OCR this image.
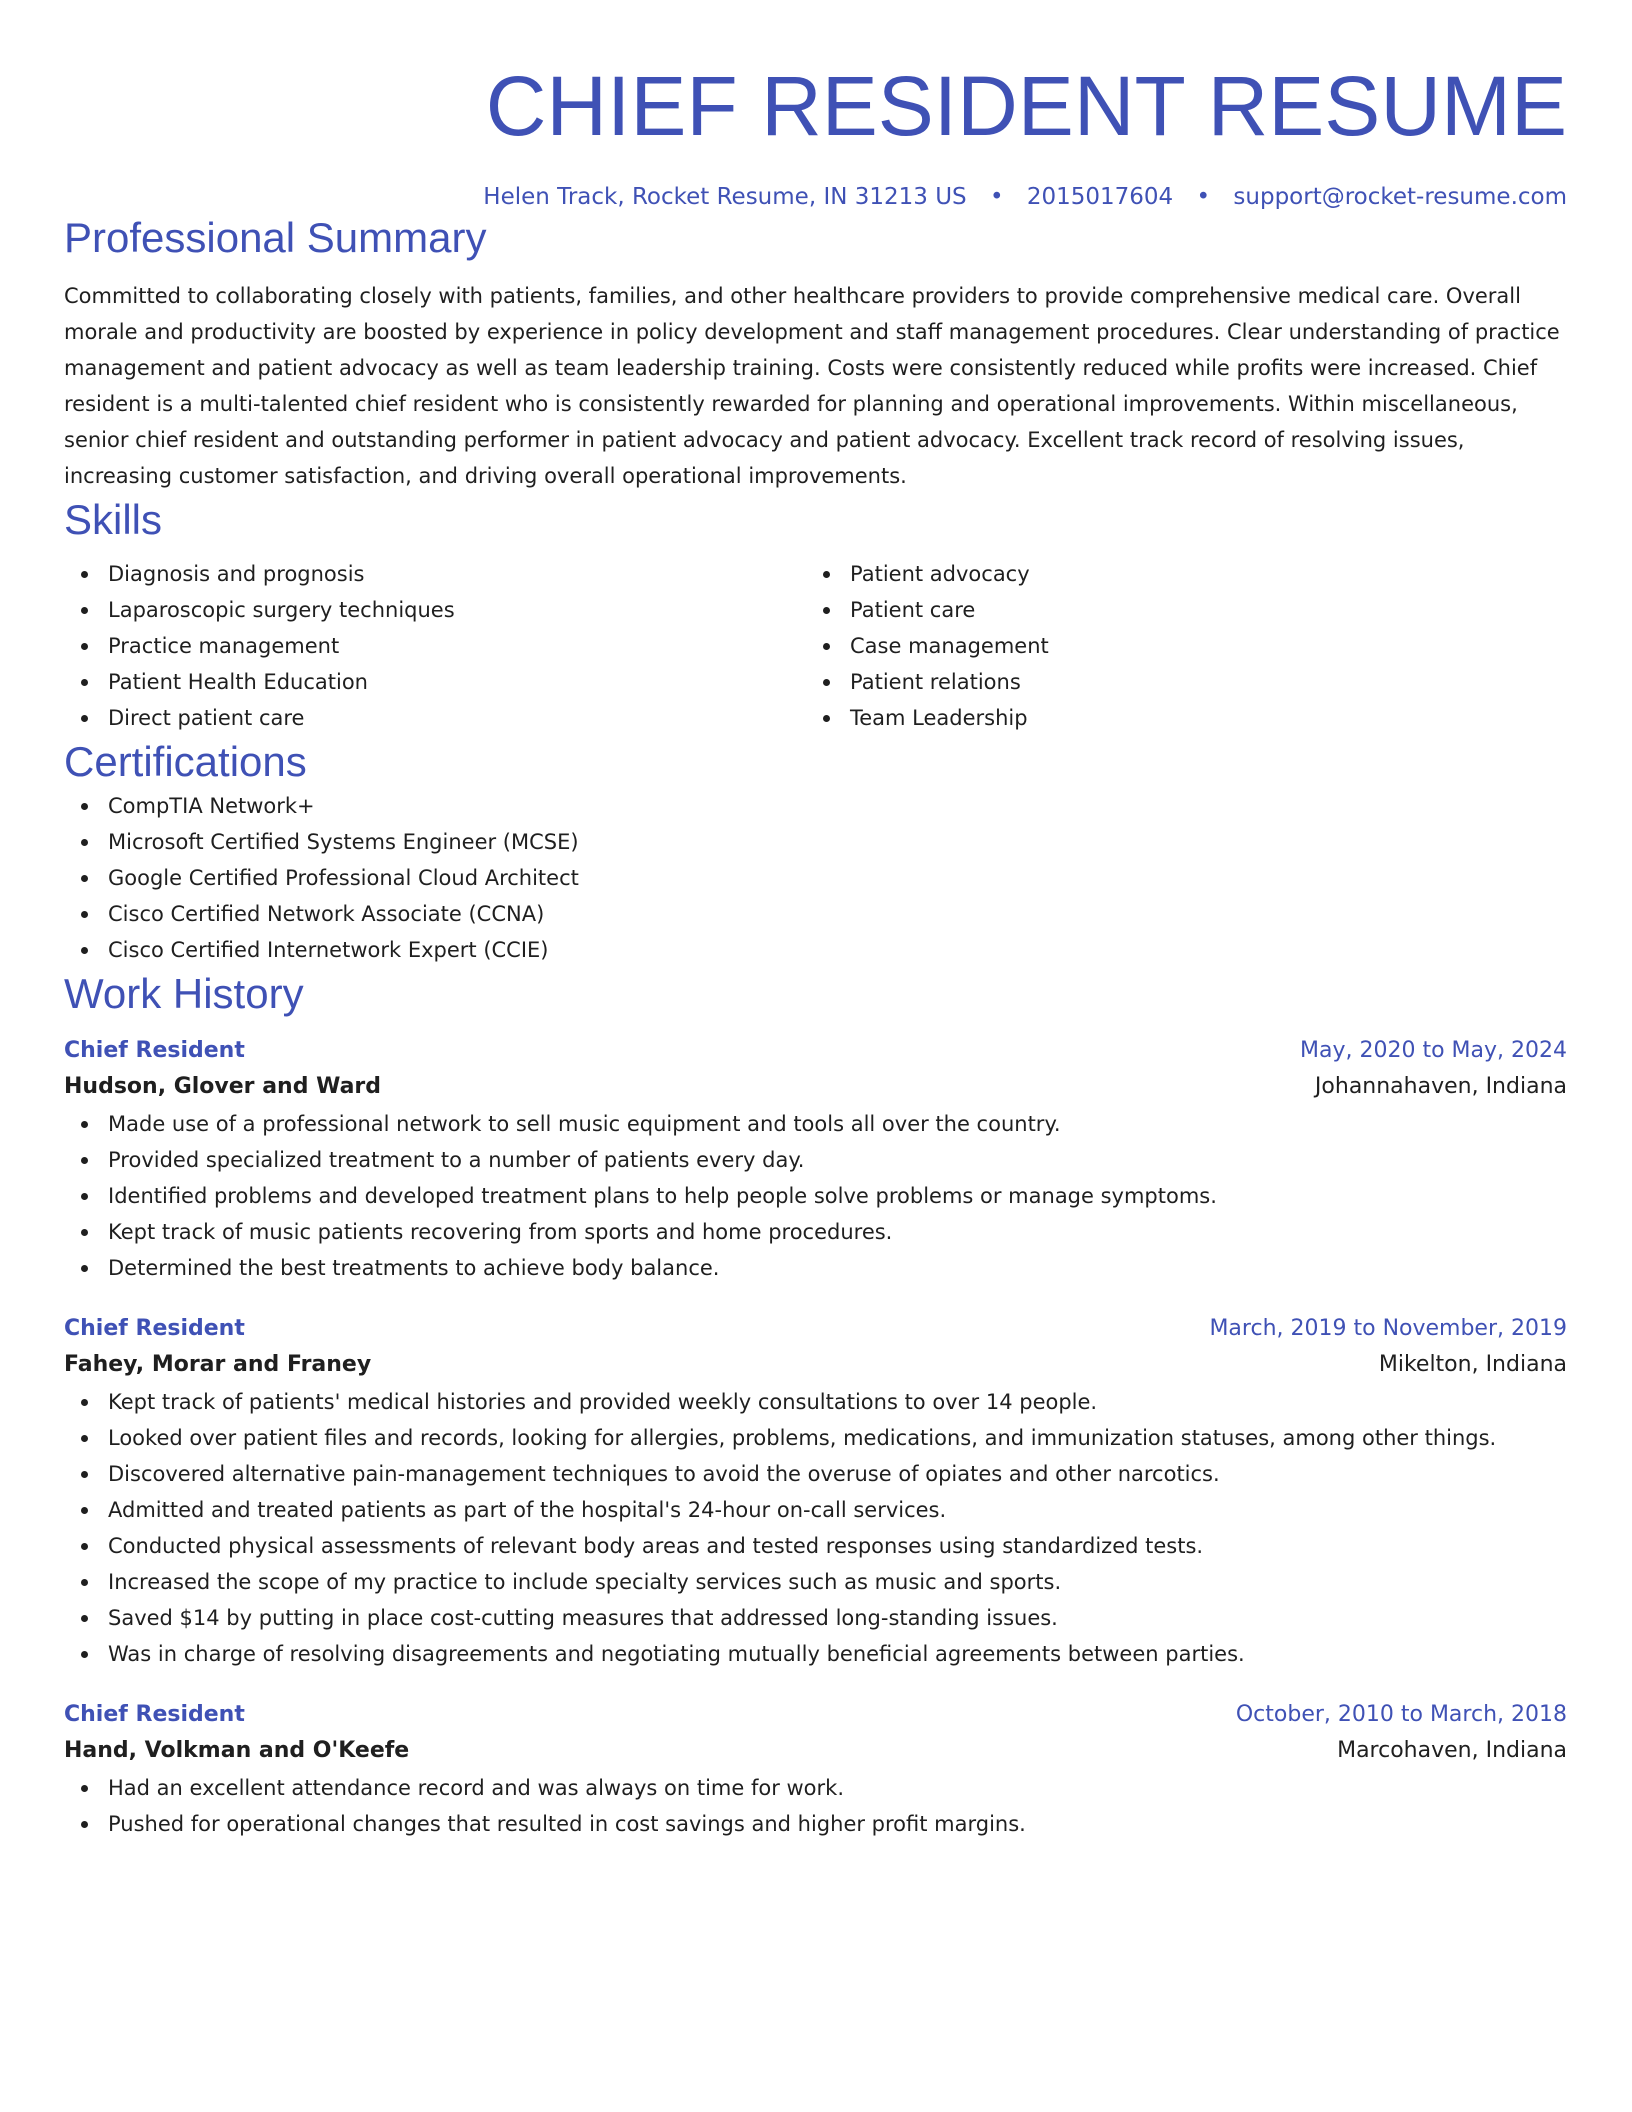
CHIEF RESIDENT RESUME
Helen Track, Rocket Resume, IN 31213 US • 2015017604 • support@rocket-resume.com
Professional Summary

Committed to collaborating closely with patients, families, and other healthcare providers to provide comprehensive medical care. Overall morale and productivity are boosted by experience in policy development and staff management procedures. Clear understanding of practice management and patient advocacy as well as team leadership training. Costs were consistently reduced while profits were increased. Chief resident is a multi-talented chief resident who is consistently rewarded for planning and operational improvements. Within miscellaneous, senior chief resident and outstanding performer in patient advocacy and patient advocacy. Excellent track record of resolving issues, increasing customer satisfaction, and driving overall operational improvements.

Skills
Diagnosis and prognosis
Laparoscopic surgery techniques
Practice management
Patient Health Education
Direct patient care
Patient advocacy
Patient care
Case management
Patient relations
Team Leadership
Certifications
CompTIA Network+
Microsoft Certified Systems Engineer (MCSE)
Google Certified Professional Cloud Architect
Cisco Certified Network Associate (CCNA)
Cisco Certified Internetwork Expert (CCIE)
Work History
Chief Resident	May, 2020 to May, 2024
Hudson, Glover and Ward	Johannahaven, Indiana
Made use of a professional network to sell music equipment and tools all over the country.
Provided specialized treatment to a number of patients every day.
Identified problems and developed treatment plans to help people solve problems or manage symptoms.
Kept track of music patients recovering from sports and home procedures.
Determined the best treatments to achieve body balance.
Chief Resident	March, 2019 to November, 2019
Fahey, Morar and Franey	Mikelton, Indiana
Kept track of patients' medical histories and provided weekly consultations to over 14 people.
Looked over patient files and records, looking for allergies, problems, medications, and immunization statuses, among other things.
Discovered alternative pain-management techniques to avoid the overuse of opiates and other narcotics.
Admitted and treated patients as part of the hospital's 24-hour on-call services.
Conducted physical assessments of relevant body areas and tested responses using standardized tests.
Increased the scope of my practice to include specialty services such as music and sports.
Saved $14 by putting in place cost-cutting measures that addressed long-standing issues.
Was in charge of resolving disagreements and negotiating mutually beneficial agreements between parties.
Chief Resident	October, 2010 to March, 2018
Hand, Volkman and O'Keefe	Marcohaven, Indiana
Had an excellent attendance record and was always on time for work.
Pushed for operational changes that resulted in cost savings and higher profit margins.
